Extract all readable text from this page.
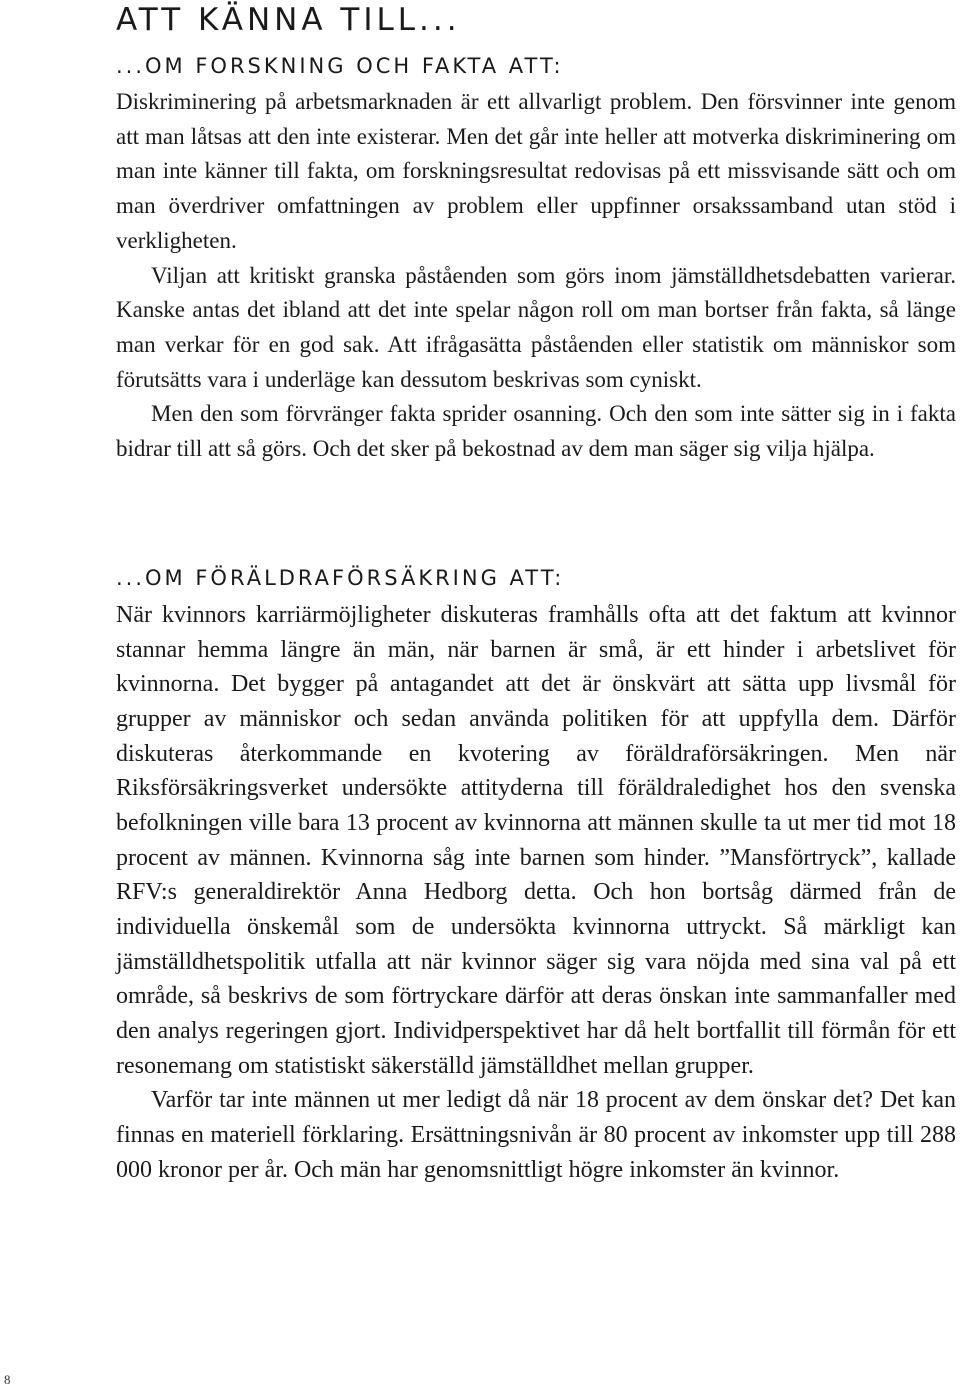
ATT KÄNNA TILL...
...OM FORSKNING OCH FAKTA ATT:

Diskriminering på arbetsmarknaden är ett allvarligt problem. Den försvinner inte genom att man låtsas att den inte existerar. Men det går inte heller att motverka diskriminering om man inte känner till fakta, om forskningsresultat redovisas på ett missvisande sätt och om man överdriver omfattningen av problem eller uppfinner orsakssamband utan stöd i verkligheten.

Viljan att kritiskt granska påståenden som görs inom jämställdhetsdebatten varierar. Kanske antas det ibland att det inte spelar någon roll om man bortser från fakta, så länge man verkar för en god sak. Att ifrågasätta påståenden eller statistik om människor som förutsätts vara i underläge kan dessutom beskrivas som cyniskt.

Men den som förvränger fakta sprider osanning. Och den som inte sätter sig in i fakta bidrar till att så görs. Och det sker på bekostnad av dem man säger sig vilja hjälpa.

...OM FÖRÄLDRAFÖRSÄKRING ATT:

När kvinnors karriärmöjligheter diskuteras framhålls ofta att det faktum att kvinnor stannar hemma längre än män, när barnen är små, är ett hinder i arbetslivet för kvinnorna. Det bygger på antagandet att det är önskvärt att sätta upp livsmål för grupper av människor och sedan använda politiken för att uppfylla dem. Därför diskuteras återkommande en kvotering av föräldraförsäkringen. Men när Riksförsäkringsverket undersökte attityderna till föräldraledighet hos den svenska befolkningen ville bara 13 procent av kvinnorna att männen skulle ta ut mer tid mot 18 procent av männen. Kvinnorna såg inte barnen som hinder. ”Mansförtryck”, kallade RFV:s generaldirektör Anna Hedborg detta. Och hon bortsåg därmed från de individuella önskemål som de undersökta kvinnorna uttryckt. Så märkligt kan jämställdhetspolitik utfalla att när kvinnor säger sig vara nöjda med sina val på ett område, så beskrivs de som förtryckare därför att deras önskan inte sammanfaller med den analys regeringen gjort. Individperspektivet har då helt bortfallit till förmån för ett resonemang om statistiskt säkerställd jämställdhet mellan grupper.

Varför tar inte männen ut mer ledigt då när 18 procent av dem önskar det? Det kan finnas en materiell förklaring. Ersättningsnivån är 80 procent av inkomster upp till 288 000 kronor per år. Och män har genomsnittligt högre inkomster än kvinnor.

8
